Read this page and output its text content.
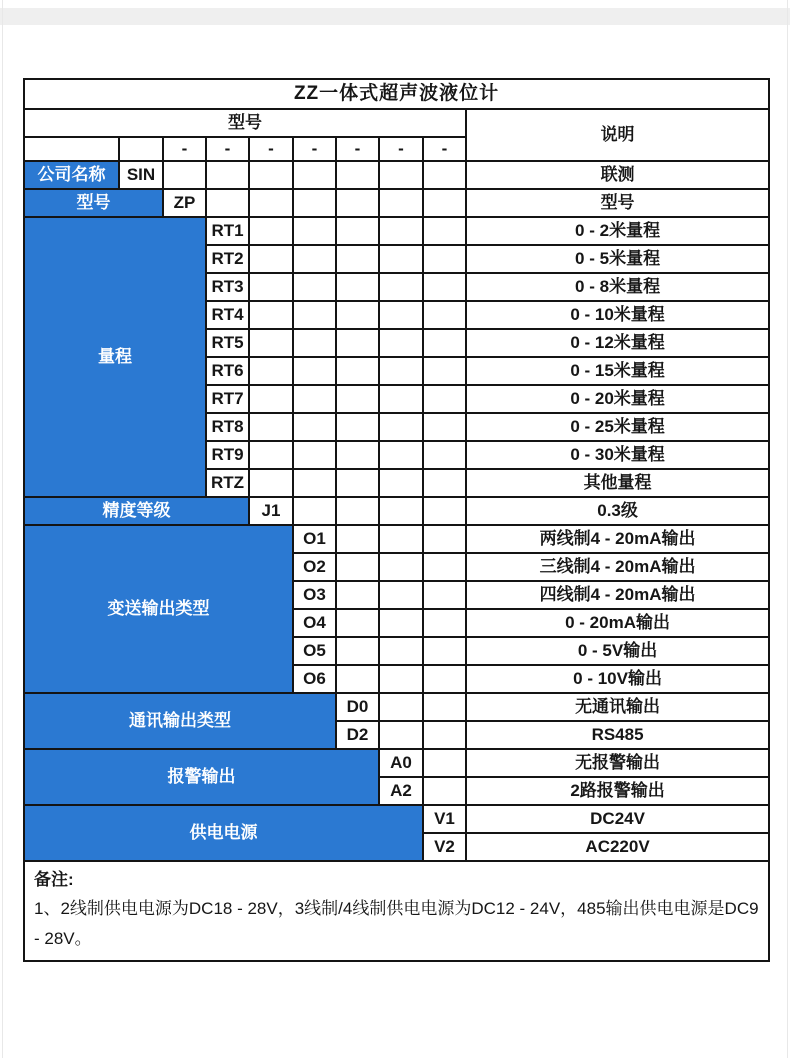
ZZ一体式超声波液位计									
型号									说明
		-	-	-	-	-	-	-	
公司名称	SIN								联测
型号		ZP							型号
量程			RT1						0 - 2米量程
			RT2						0 - 5米量程
			RT3						0 - 8米量程
			RT4						0 - 10米量程
			RT5						0 - 12米量程
			RT6						0 - 15米量程
			RT7						0 - 20米量程
			RT8						0 - 25米量程
			RT9						0 - 30米量程
			RTZ						其他量程
精度等级				J1					0.3级
变送输出类型					O1				两线制4 - 20mA输出
					O2				三线制4 - 20mA输出
					O3				四线制4 - 20mA输出
					O4				0 - 20mA输出
					O5				0 - 5V输出
					O6				0 - 10V输出
通讯输出类型						D0			无通讯输出
						D2			RS485
报警输出							A0		无报警输出
							A2		2路报警输出
供电电源								V1	DC24V
								V2	AC220V

备注:
1、2线制供电电源为DC18 - 28V，3线制/4线制供电电源为DC12 - 24V，485输出供电电源是DC9 - 28V。									
